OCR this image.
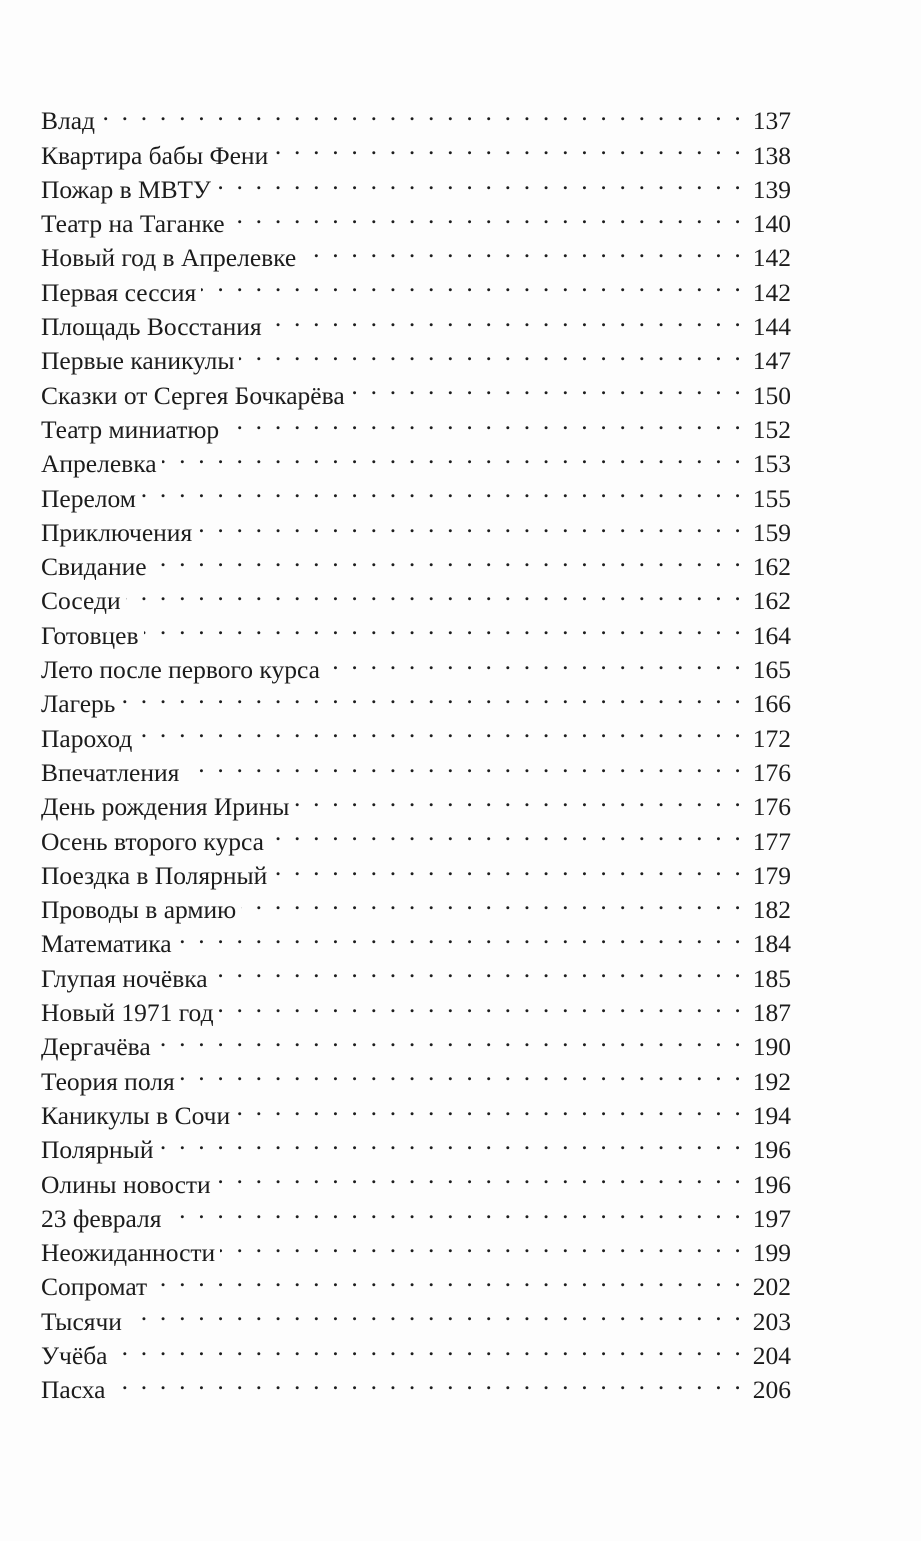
Влад . . .	137
Квартира бабы Фени . . .	138
Пожар в МВТУ . . .	139
Театр на Таганке . . .	140
Новый год в Апрелевке . . .	142
Первая сессия . . .	142
Площадь Восстания . . .	144
Первые каникулы . . .	147
Сказки от Сергея Бочкарёва . . .	150
Театр миниатюр . . .	152
Апрелевка . . .	153
Перелом . . .	155
Приключения . . .	159
Свидание . . .	162
Соседи . . .	162
Готовцев . . .	164
Лето после первого курса . . .	165
Лагерь . . .	166
Пароход . . .	172
Впечатления . . .	176
День рождения Ирины . . .	176
Осень второго курса . . .	177
Поездка в Полярный . . .	179
Проводы в армию . . .	182
Математика . . .	184
Глупая ночёвка . . .	185
Новый 1971 год . . .	187
Дергачёва . . .	190
Теория поля . . .	192
Каникулы в Сочи . . .	194
Полярный . . .	196
Олины новости . . .	196
23 февраля . . .	197
Неожиданности . . .	199
Сопромат . . .	202
Тысячи . . .	203
Учёба . . .	204
Пасха . . .	206
